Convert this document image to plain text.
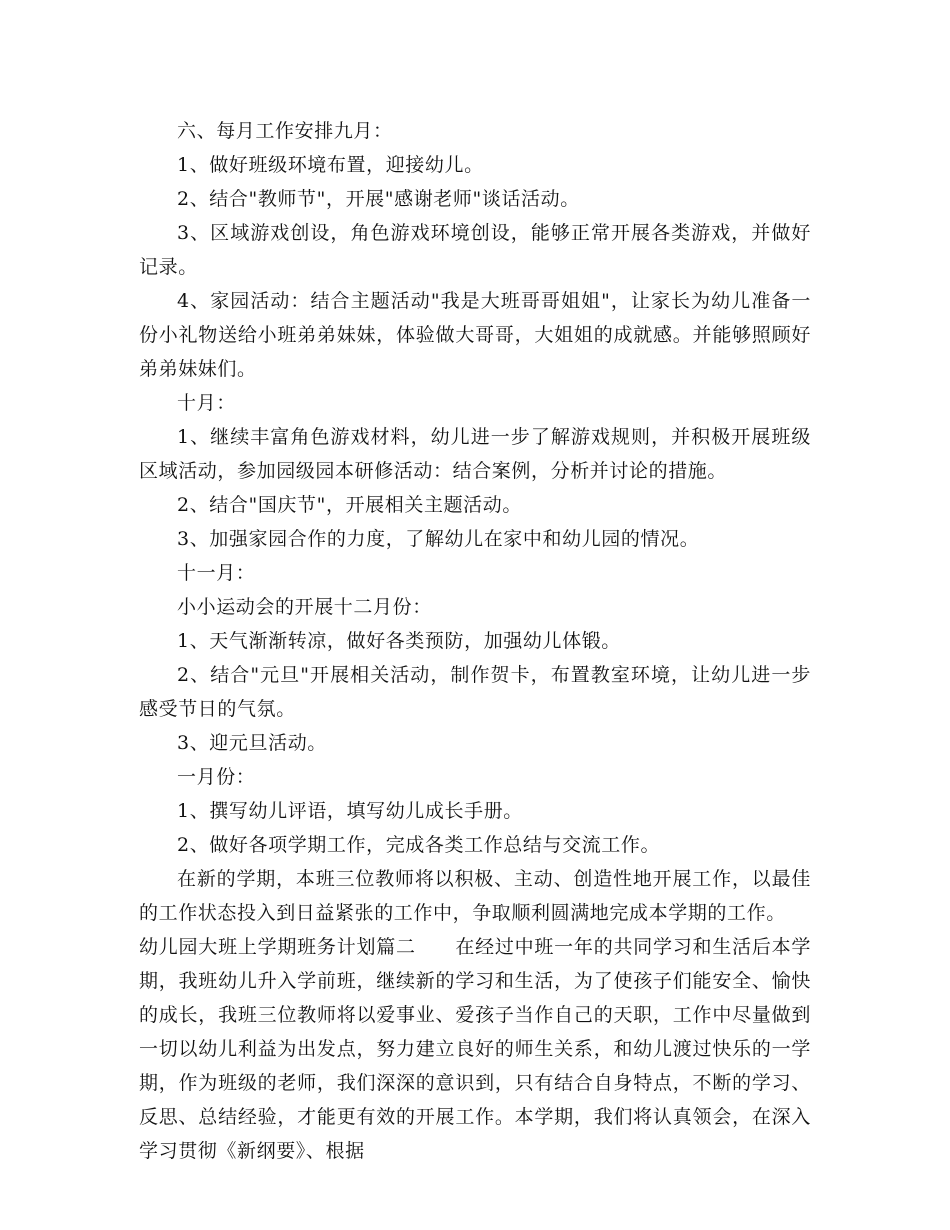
六、每月工作安排九月：

1、做好班级环境布置，迎接幼儿。

2、结合"教师节"，开展"感谢老师"谈话活动。

3、区域游戏创设，角色游戏环境创设，能够正常开展各类游戏，并做好记录。

4、家园活动：结合主题活动"我是大班哥哥姐姐"，让家长为幼儿准备一份小礼物送给小班弟弟妹妹，体验做大哥哥，大姐姐的成就感。并能够照顾好弟弟妹妹们。

十月：

1、继续丰富角色游戏材料，幼儿进一步了解游戏规则，并积极开展班级区域活动，参加园级园本研修活动：结合案例，分析并讨论的措施。

2、结合"国庆节"，开展相关主题活动。

3、加强家园合作的力度，了解幼儿在家中和幼儿园的情况。

十一月：

小小运动会的开展十二月份：

1、天气渐渐转凉，做好各类预防，加强幼儿体锻。

2、结合"元旦"开展相关活动，制作贺卡，布置教室环境，让幼儿进一步感受节日的气氛。

3、迎元旦活动。

一月份：

1、撰写幼儿评语，填写幼儿成长手册。

2、做好各项学期工作，完成各类工作总结与交流工作。

在新的学期，本班三位教师将以积极、主动、创造性地开展工作，以最佳的工作状态投入到日益紧张的工作中，争取顺利圆满地完成本学期的工作。

幼儿园大班上学期班务计划篇二　　在经过中班一年的共同学习和生活后本学期，我班幼儿升入学前班，继续新的学习和生活，为了使孩子们能安全、愉快的成长，我班三位教师将以爱事业、爱孩子当作自己的天职，工作中尽量做到一切以幼儿利益为出发点，努力建立良好的师生关系，和幼儿渡过快乐的一学期，作为班级的老师，我们深深的意识到，只有结合自身特点，不断的学习、反思、总结经验，才能更有效的开展工作。本学期，我们将认真领会，在深入学习贯彻《新纲要》、根据
